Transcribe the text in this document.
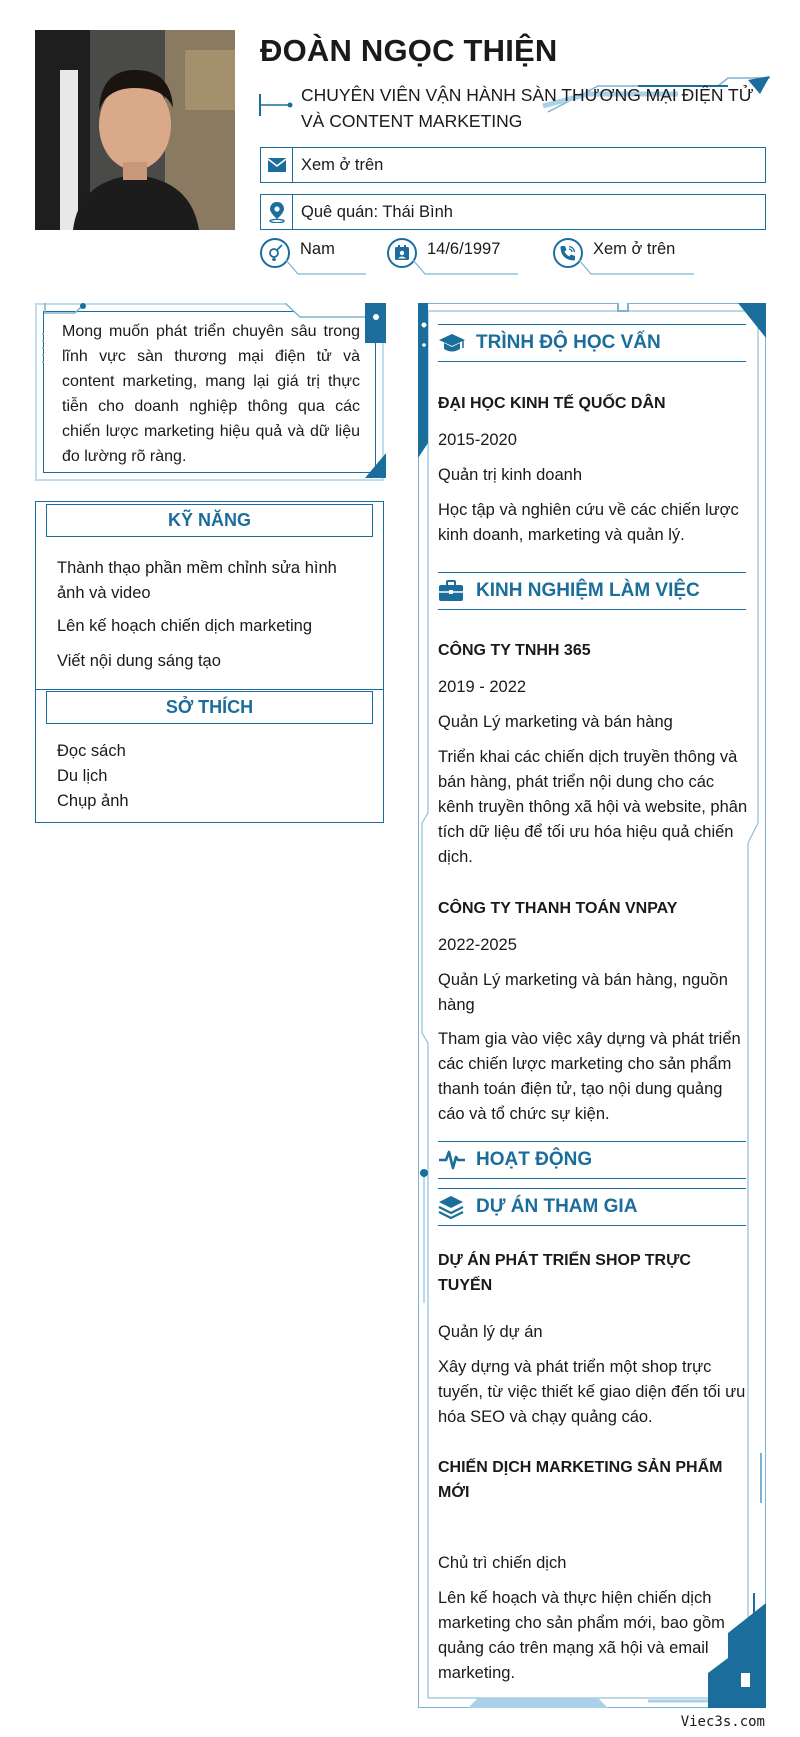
ĐOÀN NGỌC THIỆN
CHUYÊN VIÊN VẬN HÀNH SÀN THƯƠNG MẠI ĐIỆN TỬ VÀ CONTENT MARKETING
Xem ở trên
Quê quán: Thái Bình
Nam	14/6/1997	Xem ở trên
Mong muốn phát triển chuyên sâu trong lĩnh vực sàn thương mại điện tử và content marketing, mang lại giá trị thực tiễn cho doanh nghiệp thông qua các chiến lược marketing hiệu quả và dữ liệu đo lường rõ ràng.
KỸ NĂNG
Thành thạo phần mềm chỉnh sửa hình ảnh và video
Lên kế hoạch chiến dịch marketing
Viết nội dung sáng tạo
SỞ THÍCH
Đọc sách
Du lịch
Chụp ảnh
TRÌNH ĐỘ HỌC VẤN
ĐẠI HỌC KINH TẾ QUỐC DÂN
2015-2020
Quản trị kinh doanh
Học tập và nghiên cứu về các chiến lược kinh doanh, marketing và quản lý.
KINH NGHIỆM LÀM VIỆC
CÔNG TY TNHH 365
2019 - 2022
Quản Lý marketing và bán hàng
Triển khai các chiến dịch truyền thông và bán hàng, phát triển nội dung cho các kênh truyền thông xã hội và website, phân tích dữ liệu để tối ưu hóa hiệu quả chiến dịch.
CÔNG TY THANH TOÁN VNPAY
2022-2025
Quản Lý marketing và bán hàng, nguồn hàng
Tham gia vào việc xây dựng và phát triển các chiến lược marketing cho sản phẩm thanh toán điện tử, tạo nội dung quảng cáo và tổ chức sự kiện.
HOẠT ĐỘNG
DỰ ÁN THAM GIA
DỰ ÁN PHÁT TRIỂN SHOP TRỰC TUYẾN
Quản lý dự án
Xây dựng và phát triển một shop trực tuyến, từ việc thiết kế giao diện đến tối ưu hóa SEO và chạy quảng cáo.
CHIẾN DỊCH MARKETING SẢN PHẨM MỚI
Chủ trì chiến dịch
Lên kế hoạch và thực hiện chiến dịch marketing cho sản phẩm mới, bao gồm quảng cáo trên mạng xã hội và email marketing.
Viec3s.com
